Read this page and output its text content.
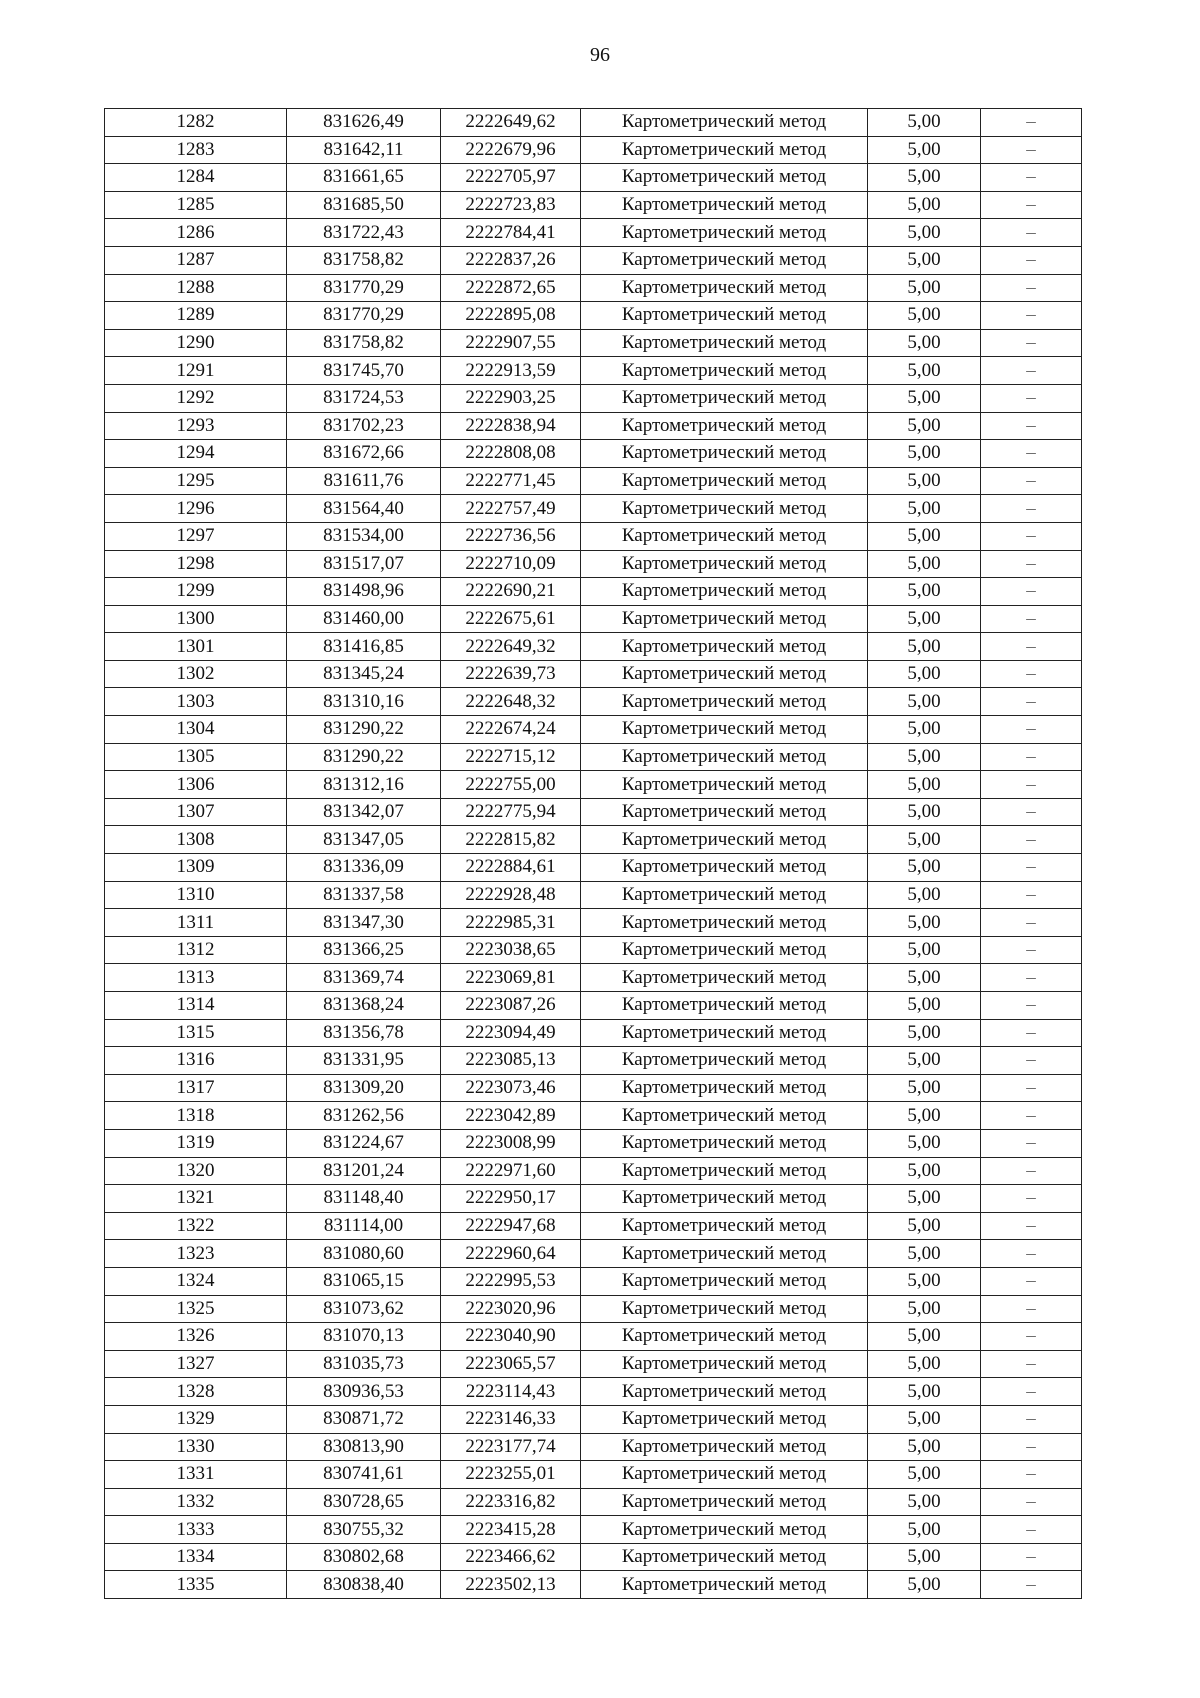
96
1282	831626,49	2222649,62	Картометрический метод	5,00	–
1283	831642,11	2222679,96	Картометрический метод	5,00	–
1284	831661,65	2222705,97	Картометрический метод	5,00	–
1285	831685,50	2222723,83	Картометрический метод	5,00	–
1286	831722,43	2222784,41	Картометрический метод	5,00	–
1287	831758,82	2222837,26	Картометрический метод	5,00	–
1288	831770,29	2222872,65	Картометрический метод	5,00	–
1289	831770,29	2222895,08	Картометрический метод	5,00	–
1290	831758,82	2222907,55	Картометрический метод	5,00	–
1291	831745,70	2222913,59	Картометрический метод	5,00	–
1292	831724,53	2222903,25	Картометрический метод	5,00	–
1293	831702,23	2222838,94	Картометрический метод	5,00	–
1294	831672,66	2222808,08	Картометрический метод	5,00	–
1295	831611,76	2222771,45	Картометрический метод	5,00	–
1296	831564,40	2222757,49	Картометрический метод	5,00	–
1297	831534,00	2222736,56	Картометрический метод	5,00	–
1298	831517,07	2222710,09	Картометрический метод	5,00	–
1299	831498,96	2222690,21	Картометрический метод	5,00	–
1300	831460,00	2222675,61	Картометрический метод	5,00	–
1301	831416,85	2222649,32	Картометрический метод	5,00	–
1302	831345,24	2222639,73	Картометрический метод	5,00	–
1303	831310,16	2222648,32	Картометрический метод	5,00	–
1304	831290,22	2222674,24	Картометрический метод	5,00	–
1305	831290,22	2222715,12	Картометрический метод	5,00	–
1306	831312,16	2222755,00	Картометрический метод	5,00	–
1307	831342,07	2222775,94	Картометрический метод	5,00	–
1308	831347,05	2222815,82	Картометрический метод	5,00	–
1309	831336,09	2222884,61	Картометрический метод	5,00	–
1310	831337,58	2222928,48	Картометрический метод	5,00	–
1311	831347,30	2222985,31	Картометрический метод	5,00	–
1312	831366,25	2223038,65	Картометрический метод	5,00	–
1313	831369,74	2223069,81	Картометрический метод	5,00	–
1314	831368,24	2223087,26	Картометрический метод	5,00	–
1315	831356,78	2223094,49	Картометрический метод	5,00	–
1316	831331,95	2223085,13	Картометрический метод	5,00	–
1317	831309,20	2223073,46	Картометрический метод	5,00	–
1318	831262,56	2223042,89	Картометрический метод	5,00	–
1319	831224,67	2223008,99	Картометрический метод	5,00	–
1320	831201,24	2222971,60	Картометрический метод	5,00	–
1321	831148,40	2222950,17	Картометрический метод	5,00	–
1322	831114,00	2222947,68	Картометрический метод	5,00	–
1323	831080,60	2222960,64	Картометрический метод	5,00	–
1324	831065,15	2222995,53	Картометрический метод	5,00	–
1325	831073,62	2223020,96	Картометрический метод	5,00	–
1326	831070,13	2223040,90	Картометрический метод	5,00	–
1327	831035,73	2223065,57	Картометрический метод	5,00	–
1328	830936,53	2223114,43	Картометрический метод	5,00	–
1329	830871,72	2223146,33	Картометрический метод	5,00	–
1330	830813,90	2223177,74	Картометрический метод	5,00	–
1331	830741,61	2223255,01	Картометрический метод	5,00	–
1332	830728,65	2223316,82	Картометрический метод	5,00	–
1333	830755,32	2223415,28	Картометрический метод	5,00	–
1334	830802,68	2223466,62	Картометрический метод	5,00	–
1335	830838,40	2223502,13	Картометрический метод	5,00	–
